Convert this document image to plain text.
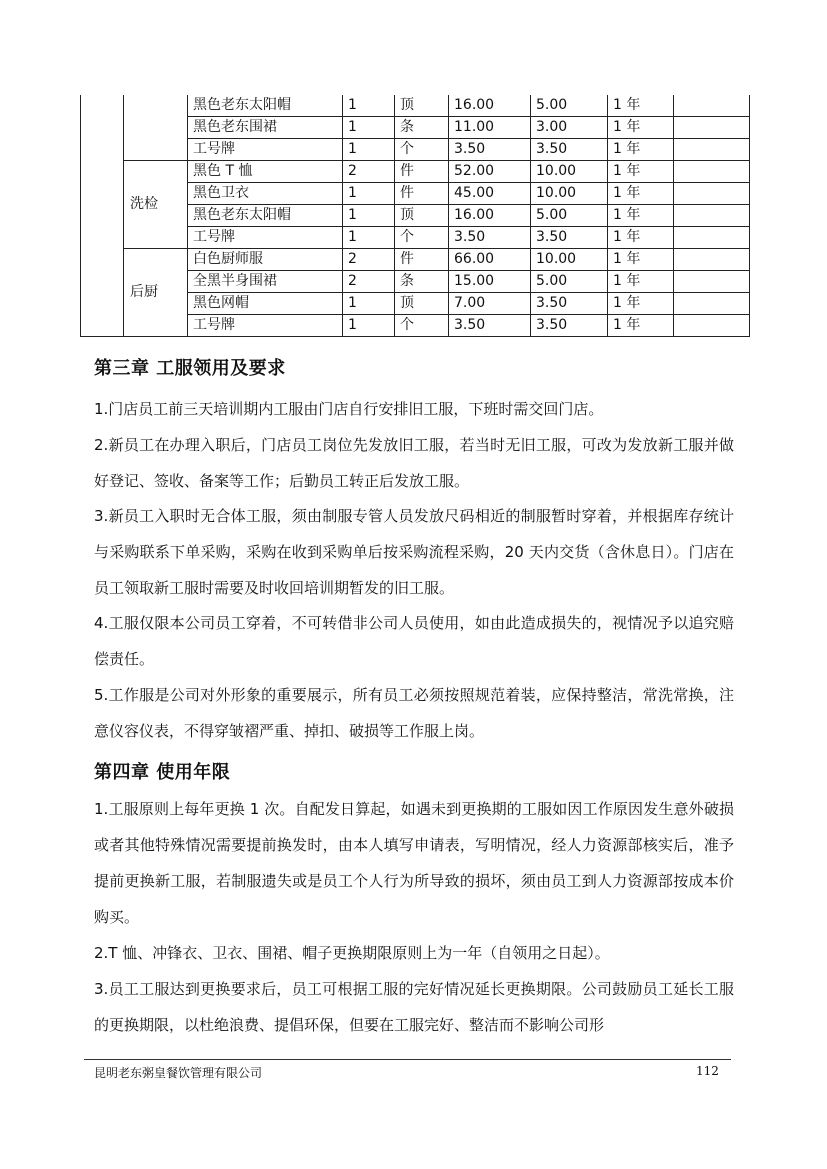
		黑色老东太阳帽	1	顶	16.00	5.00	1 年	
		黑色老东围裙	1	条	11.00	3.00	1 年	
		工号牌	1	个	3.50	3.50	1 年	
	洗检	黑色 T 恤	2	件	52.00	10.00	1 年	
		黑色卫衣	1	件	45.00	10.00	1 年	
		黑色老东太阳帽	1	顶	16.00	5.00	1 年	
		工号牌	1	个	3.50	3.50	1 年	
	后厨	白色厨师服	2	件	66.00	10.00	1 年	
		全黑半身围裙	2	条	15.00	5.00	1 年	
		黑色网帽	1	顶	7.00	3.50	1 年	
		工号牌	1	个	3.50	3.50	1 年	
第三章 工服领用及要求
1.门店员工前三天培训期内工服由门店自行安排旧工服，下班时需交回门店。
2.新员工在办理入职后，门店员工岗位先发放旧工服，若当时无旧工服，可改为发放新工服并做好登记、签收、备案等工作；后勤员工转正后发放工服。
3.新员工入职时无合体工服，须由制服专管人员发放尺码相近的制服暂时穿着，并根据库存统计与采购联系下单采购，采购在收到采购单后按采购流程采购，20 天内交货（含休息日）。门店在员工领取新工服时需要及时收回培训期暂发的旧工服。
4.工服仅限本公司员工穿着，不可转借非公司人员使用，如由此造成损失的，视情况予以追究赔偿责任。
5.工作服是公司对外形象的重要展示，所有员工必须按照规范着装，应保持整洁，常洗常换，注意仪容仪表，不得穿皱褶严重、掉扣、破损等工作服上岗。
第四章 使用年限
1.工服原则上每年更换 1 次。自配发日算起，如遇未到更换期的工服如因工作原因发生意外破损或者其他特殊情况需要提前换发时，由本人填写申请表，写明情况，经人力资源部核实后，准予提前更换新工服，若制服遗失或是员工个人行为所导致的损坏，须由员工到人力资源部按成本价购买。
2.T 恤、冲锋衣、卫衣、围裙、帽子更换期限原则上为一年（自领用之日起）。
3.员工工服达到更换要求后，员工可根据工服的完好情况延长更换期限。公司鼓励员工延长工服的更换期限，以杜绝浪费、提倡环保，但要在工服完好、整洁而不影响公司形
昆明老东粥皇餐饮管理有限公司	112
